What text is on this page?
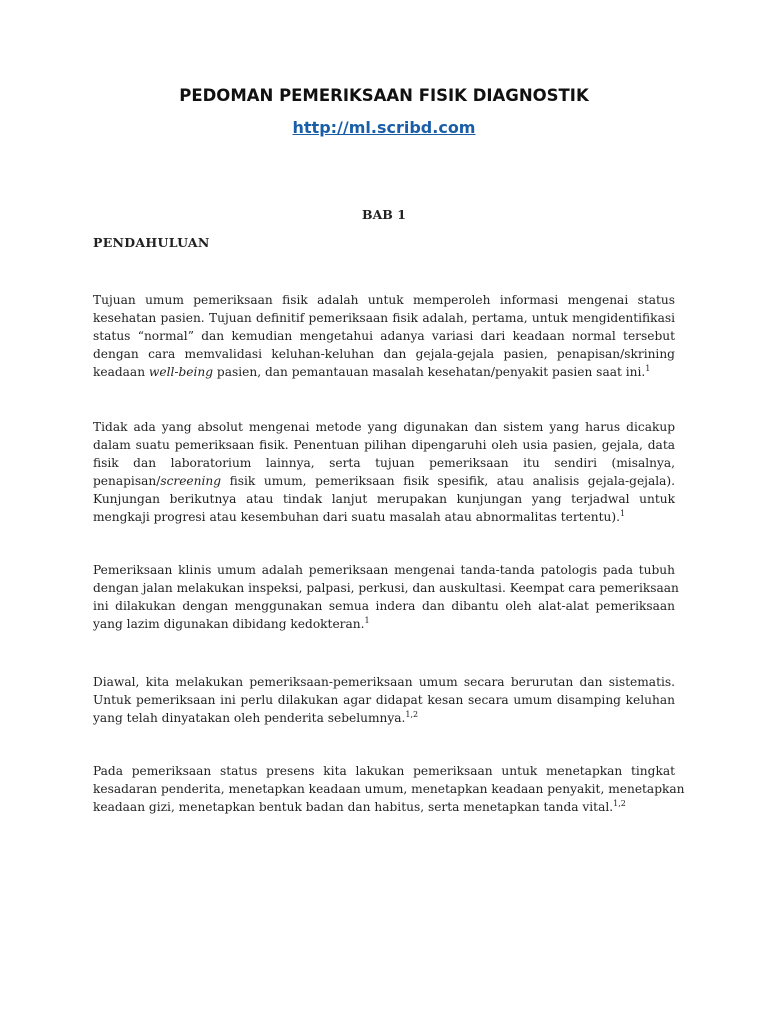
PEDOMAN PEMERIKSAAN FISIK DIAGNOSTIK
http://ml.scribd.com
BAB 1
PENDAHULUAN
Tujuan umum pemeriksaan fisik adalah untuk memperoleh informasi mengenai status
kesehatan pasien. Tujuan definitif pemeriksaan fisik adalah, pertama, untuk mengidentifikasi
status “normal” dan kemudian mengetahui adanya variasi dari keadaan normal tersebut
dengan cara memvalidasi keluhan-keluhan dan gejala-gejala pasien, penapisan/skrining
keadaan well-being pasien, dan pemantauan masalah kesehatan/penyakit pasien saat ini.$^1$
Tidak ada yang absolut mengenai metode yang digunakan dan sistem yang harus dicakup
dalam suatu pemeriksaan fisik. Penentuan pilihan dipengaruhi oleh usia pasien, gejala, data
fisik dan laboratorium lainnya, serta tujuan pemeriksaan itu sendiri (misalnya,
penapisan/screening fisik umum, pemeriksaan fisik spesifik, atau analisis gejala-gejala).
Kunjungan berikutnya atau tindak lanjut merupakan kunjungan yang terjadwal untuk
mengkaji progresi atau kesembuhan dari suatu masalah atau abnormalitas tertentu).$^1$
Pemeriksaan klinis umum adalah pemeriksaan mengenai tanda-tanda patologis pada tubuh
dengan jalan melakukan inspeksi, palpasi, perkusi, dan auskultasi. Keempat cara pemeriksaan
ini dilakukan dengan menggunakan semua indera dan dibantu oleh alat-alat pemeriksaan
yang lazim digunakan dibidang kedokteran.$^1$
Diawal, kita melakukan pemeriksaan-pemeriksaan umum secara berurutan dan sistematis.
Untuk pemeriksaan ini perlu dilakukan agar didapat kesan secara umum disamping keluhan
yang telah dinyatakan oleh penderita sebelumnya.$^{1,2}$
Pada pemeriksaan status presens kita lakukan pemeriksaan untuk menetapkan tingkat
kesadaran penderita, menetapkan keadaan umum, menetapkan keadaan penyakit, menetapkan
keadaan gizi, menetapkan bentuk badan dan habitus, serta menetapkan tanda vital.$^{1,2}$
